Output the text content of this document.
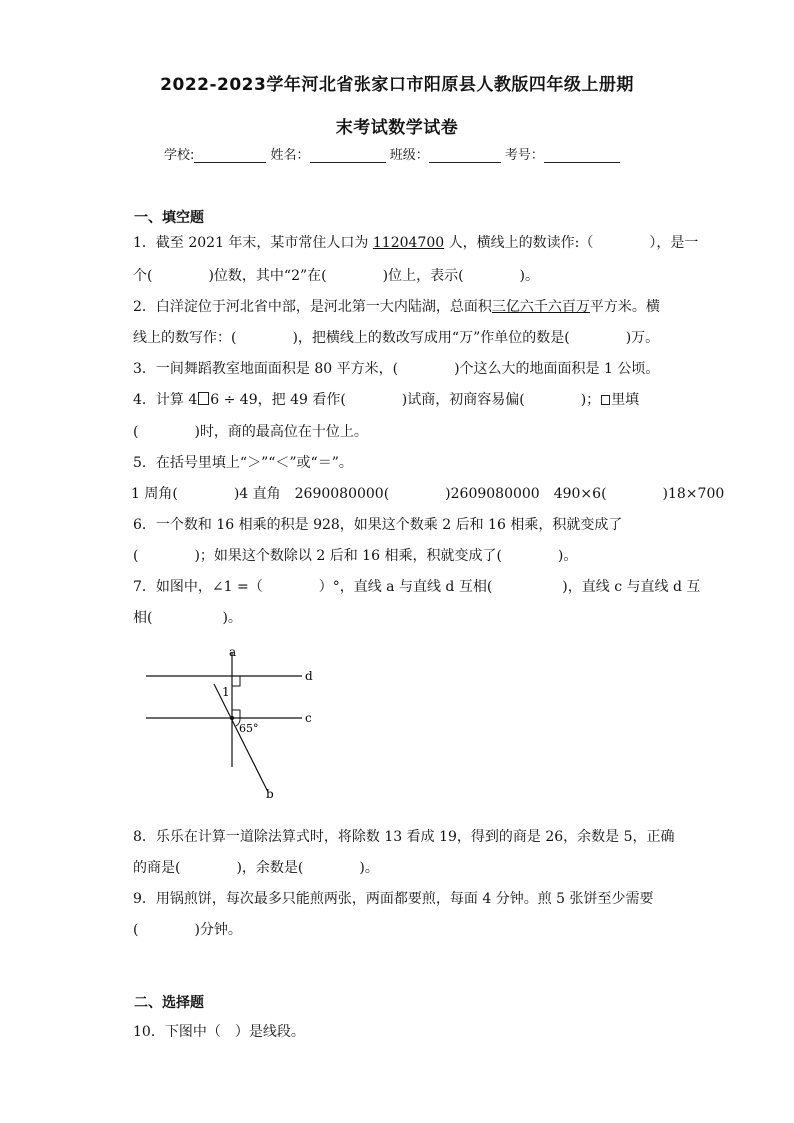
2022-2023学年河北省张家口市阳原县人教版四年级上册期
末考试数学试卷
学校:	姓名：	班级：	考号：
一、填空题
1．截至 2021 年末，某市常住人口为 11204700 人，横线上的数读作:（　　　　），是一
个(　　　　)位数，其中“2”在(　　　　)位上，表示(　　　　)。
2．白洋淀位于河北省中部，是河北第一大内陆湖，总面积三亿六千六百万平方米。横
线上的数写作：(　　　　)，把横线上的数改写成用“万”作单位的数是(　　　　)万。
3．一间舞蹈教室地面面积是 80 平方米，(　　　　)个这么大的地面面积是 1 公顷。
4．计算 4 6 ÷ 49，把 49 看作(　　　　)试商，初商容易偏(　　　　)； 里填
(　　　　)时，商的最高位在十位上。
5．在括号里填上“＞”“＜”或“＝”。
1 周角(　　　　)4 直角　2690080000(　　　　)2609080000　490×6(　　　　)18×700
6．一个数和 16 相乘的积是 928，如果这个数乘 2 后和 16 相乘，积就变成了
(　　　　)；如果这个数除以 2 后和 16 相乘，积就变成了(　　　　)。
7．如图中，∠1 =（　　　　）°，直线 a 与直线 d 互相(　　　　　)，直线 c 与直线 d 互
相(　　　　　)。
a
d
c
b
1
65°
8．乐乐在计算一道除法算式时，将除数 13 看成 19，得到的商是 26，余数是 5，正确
的商是(　　　　)，余数是(　　　　)。
9．用锅煎饼，每次最多只能煎两张，两面都要煎，每面 4 分钟。煎 5 张饼至少需要
(　　　　)分钟。
二、选择题
10．下图中（　）是线段。
